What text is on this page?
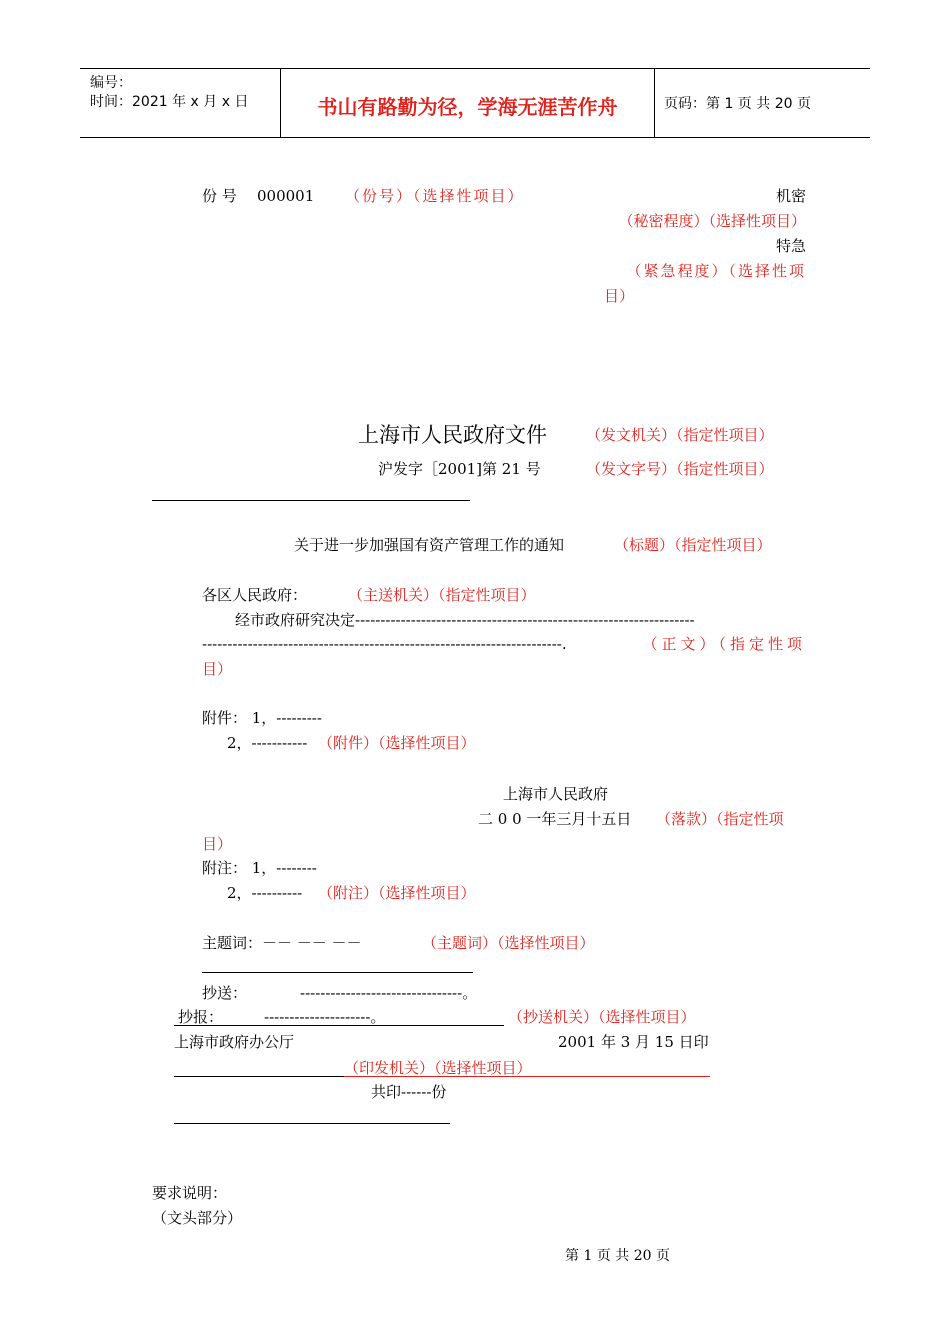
编号：
时间：2021 年 x 月 x 日	书山有路勤为径，学海无涯苦作舟	页码：第 1 页 共 20 页
份 号 000001 （份号）（选择性项目）	机密
（秘密程度）（选择性项目）
特急
（紧急程度）（选择性项
目）
上海市人民政府文件	（发文机关）（指定性项目）
沪发字［2001]第 21 号	（发文字号）（指定性项目）
关于进一步加强国有资产管理工作的通知	（标题）（指定性项目）
各区人民政府：	（主送机关）（指定性项目）
经市政府研究决定-------------------------------------------------------------------
-----------------------------------------------------------------------.	（正文）（指定性项
目）
附件： 1，---------
2，----------- （附件）（选择性项目）
上海市人民政府
二 0 0 一年三月十五日 （落款）（指定性项
目）
附注： 1，--------
2，---------- （附注）（选择性项目）
主题词：－－ －－ －－	（主题词）（选择性项目）
抄送：	--------------------------------。
抄报：	---------------------。	（抄送机关）（选择性项目）
上海市政府办公厅	2001 年 3 月 15 日印
（印发机关）（选择性项目）
共印------份
要求说明：
（文头部分）
第 1 页 共 20 页
